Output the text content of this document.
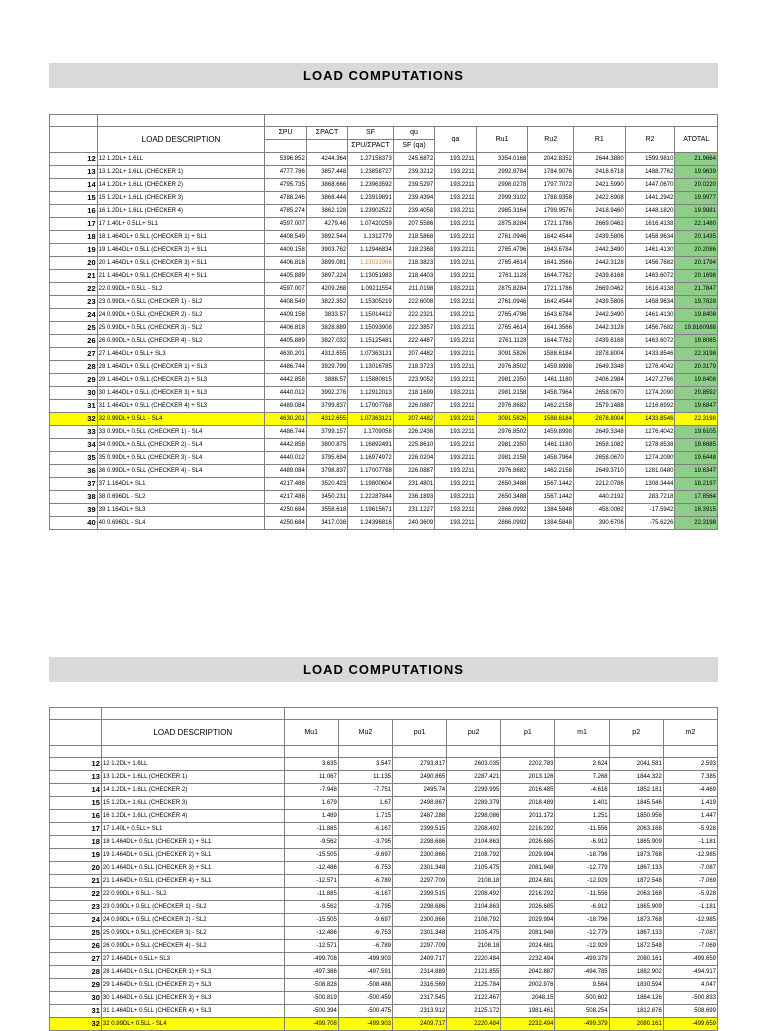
LOAD COMPUTATIONS

	LOAD DESCRIPTION	ΣPU	ΣPACT	SF	qu	qa	Ru1	Ru2	R1	R2	ATOTAL
				ΣPU/ΣPACT	SF (qa)						
12	12 1.2DL+ 1.6LL	5396.852	4244.364	1.27158373	245.6872	193.2211	3354.0168	2042.8352	2644.3880	1599.9810	21.9664
13	13 1.2DL+ 1.6LL (CHECKER 1)	4777.786	3857.448	1.23858727	239.3212	193.2211	2992.8784	1784.9076	2418.6718	1488.7762	19.9639
14	14 1.2DL+ 1.6LL (CHECKER 2)	4795.735	3868.666	1.23963592	239.5297	193.2211	2998.0278	1797.7072	2421.5990	1447.0670	20.0220
15	15 1.2DL+ 1.6LL (CHECKER 3)	4788.246	3868.444	1.23919891	239.4394	193.2211	2999.3102	1788.9358	2422.6908	1441.2942	19.9977
16	16 1.2DL+ 1.6LL (CHECKER 4)	4785.274	3862.128	1.23902522	239.4058	193.2211	2985.3164	1799.9576	2418.9460	1448.1820	19.9881
17	17 1.40L+ 0.5LL+ SL1	4597.007	4279.46	1.07420259	207.5586	193.2211	2875.8284	1721.1786	2669.0462	1616.4138	22.1480
18	18 1.464DL+ 0.5LL (CHECKER 1) + SL1	4408.549	3892.544	1.1312779	218.5868	193.2211	2761.0946	1642.4544	2439.5806	1458.9634	20.1435
19	19 1.464DL+ 0.5LL (CHECKER 2) + SL1	4409.158	3903.762	1.12946834	218.2368	193.2211	2765.4796	1643.6784	2442.3490	1461.4130	20.2086
20	20 1.464DL+ 0.5LL (CHECKER 3) + SL1	4406.818	3899.081	1.13021966	218.3823	193.2211	2765.4614	1641.3566	2442.3128	1456.7682	20.1794
21	21 1.464DL+ 0.5LL (CHECKER 4) + SL1	4405.889	3897.224	1.13051983	218.4403	193.2211	2761.1128	1644.7762	2439.6168	1463.6072	20.1698
22	22 0.99DL+ 0.5LL - SL2	4597.007	4209.268	1.09211554	211.0198	193.2211	2875.8284	1721.1786	2669.0462	1616.4138	21.7847
23	23 0.99DL+ 0.5LL (CHECKER 1) - SL2	4408.549	3822.352	1.15305219	222.6008	193.2211	2761.0946	1642.4544	2439.5806	1458.9634	19.7828
24	24 0.99DL+ 0.5LL (CHECKER 2) - SL2	4409.158	3833.57	1.15014412	222.2321	193.2211	2765.4796	1643.6784	2442.3490	1461.4130	19.8408
25	25 0.99DL+ 0.5LL (CHECKER 3) - SL2	4406.818	3828.889	1.15093908	222.3857	193.2211	2765.4614	1641.3566	2442.3128	1456.7682	19.8160988
26	26 0.99DL+ 0.5LL (CHECKER 4) - SL2	4405.889	3827.032	1.15125481	222.4467	193.2211	2761.1128	1644.7762	2439.6168	1463.6072	19.8065
27	27 1.464DL+ 0.5LL+ SL3	4630.201	4312.655	1.07363121	207.4482	193.2211	3091.5826	1588.6184	2878.8004	1433.8546	22.3198
28	28 1.464DL+ 0.5LL (CHECKER 1) + SL3	4486.744	3929.799	1.13016785	218.3723	193.2211	2976.8502	1459.8998	2649.3348	1276.4042	20.3179
29	29 1.464DL+ 0.5LL (CHECKER 2) + SL3	4442.858	3888.57	1.15880815	223.9052	193.2211	2981.2350	1461.1180	2406.2984	1427.2766	19.8408
30	30 1.464DL+ 0.5LL (CHECKER 3) + SL3	4440.012	3992.276	1.12912013	218.1699	193.2211	2981.2158	1458.7964	2658.0670	1274.2090	20.8592
31	31 1.464DL+ 0.5LL (CHECKER 4) + SL3	4489.084	3799.837	1.17007768	226.0887	193.2211	2976.8682	1462.2158	2579.1488	1216.6992	19.6847
32	32 0.99DL+ 0.5LL - SL4	4630.201	4312.655	1.07363121	207.4482	193.2211	3091.5826	1588.6184	2878.8004	1433.8546	22.3198
33	33 0.99DL+ 0.5LL (CHECKER 1) - SL4	4486.744	3799.157	1.1709058	226.2436	193.2211	2976.8502	1459.8998	2649.3348	1276.4042	19.6105
34	34 0.99DL+ 0.5LL (CHECKER 2) - SL4	4442.858	3800.875	1.16892491	225.8610	193.2211	2981.2350	1461.1180	2658.1082	1278.8538	19.6685
35	35 0.99DL+ 0.5LL (CHECKER 3) - SL4	4440.012	3795.694	1.16974972	226.0204	193.2211	2981.2158	1458.7964	2658.0670	1274.2090	19.6448
36	36 0.99DL+ 0.5LL (CHECKER 4) - SL4	4489.084	3798.837	1.17007768	226.0887	193.2211	2976.8682	1462.2158	2649.3710	1281.0480	19.6347
37	37 1.164DL+ SL1	4217.488	3520.423	1.19800604	231.4801	193.2211	2650.3488	1567.1442	2212.0786	1308.3444	18.2197
38	38 0.696DL - SL2	4217.488	3450.231	1.22287844	236.1893	193.2211	2650.3488	1567.1442	440.2192	283.7218	17.8564
39	39 1.164DL+ SL3	4250.684	3558.618	1.19615671	231.1227	193.2211	2866.0992	1384.5848	458.0062	-17.5942	18.3915
40	40 0.696DL - SL4	4250.684	3417.036	1.24396816	240.3609	193.2211	2866.0992	1384.5848	390.6706	-75.6226	22.3198
LOAD COMPUTATIONS

	LOAD DESCRIPTION	Mu1	Mu2	pu1	pu2	p1	m1	p2	m2

12	12 1.2DL+ 1.6LL	3.635	3.547	2793.817	2603.035	2202.783	2.624	2041.581	2.593
13	13 1.2DL+ 1.6LL (CHECKER 1)	11.067	11.135	2490.865	2287.421	2013.126	7.268	1844.322	7.385
14	14 1.2DL+ 1.6LL (CHECKER 2)	-7.948	-7.751	2495.74	2299.995	2016.485	-4.616	1852.181	-4.469
15	15 1.2DL+ 1.6LL (CHECKER 3)	1.679	1.67	2498.867	2289.379	2018.489	1.401	1845.546	1.419
16	16 1.2DL+ 1.6LL (CHECKER 4)	1.489	1.715	2487.288	2298.086	2011.172	1.251	1850.956	1.447
17	17 1.40L+ 0.5LL+ SL1	-11.885	-6.167	2399.515	2208.492	2216.292	-11.556	2063.168	-5.928
18	18 1.464DL+ 0.5LL (CHECKER 1) + SL1	-9.562	-3.795	2298.686	2104.863	2026.685	-6.912	1865.909	-1.181
19	19 1.464DL+ 0.5LL (CHECKER 2) + SL1	-15.505	-9.697	2300.866	2108.792	2029.994	-18.796	1873.768	-12.985
20	20 1.464DL+ 0.5LL (CHECKER 3) + SL1	-12.486	-6.753	2301.348	2105.475	2081.948	-12.779	1867.133	-7.087
21	21 1.464DL+ 0.5LL (CHECKER 4) + SL1	-12.571	-6.789	2297.709	2108.18	2024.681	-12.929	1872.548	-7.069
22	22 0.99DL+ 0.5LL - SL2	-11.885	-6.167	2399.515	2208.492	2216.292	-11.556	2063.168	-5.928
23	23 0.99DL+ 0.5LL (CHECKER 1) - SL2	-9.562	-3.795	2298.686	2104.863	2026.685	-6.912	1865.909	-1.181
24	24 0.99DL+ 0.5LL (CHECKER 2) - SL2	-15.505	-9.697	2300.866	2108.792	2029.994	-18.796	1873.768	-12.985
25	25 0.99DL+ 0.5LL (CHECKER 3) - SL2	-12.486	-6.753	2301.348	2105.475	2081.948	-12.779	1867.133	-7.087
26	26 0.99DL+ 0.5LL (CHECKER 4) - SL2	-12.571	-6.789	2297.709	2108.18	2024.681	-12.929	1872.548	-7.069
27	27 1.464DL+ 0.5LL+ SL3	-499.708	-499.903	2409.717	2220.484	2232.494	-499.379	2080.161	-499.659
28	28 1.464DL+ 0.5LL (CHECKER 1) + SL3	-497.386	-497.591	2314.889	2121.855	2042.887	-494.785	1882.902	-494.917
29	29 1.464DL+ 0.5LL (CHECKER 2) + SL3	-508.828	-508.488	2316.569	2125.784	2002.976	9.564	1830.594	4.047
30	30 1.464DL+ 0.5LL (CHECKER 3) + SL3	-500.819	-500.459	2317.545	2122.467	2048.15	-500.602	1884.126	-500.833
31	31 1.464DL+ 0.5LL (CHECKER 4) + SL3	-500.394	-500.475	2313.912	2125.172	1981.461	508.254	1812.876	508.699
32	32 0.99DL+ 0.5LL - SL4	-499.708	-499.903	2409.717	2220.484	2232.494	-499.379	2080.161	-499.659
